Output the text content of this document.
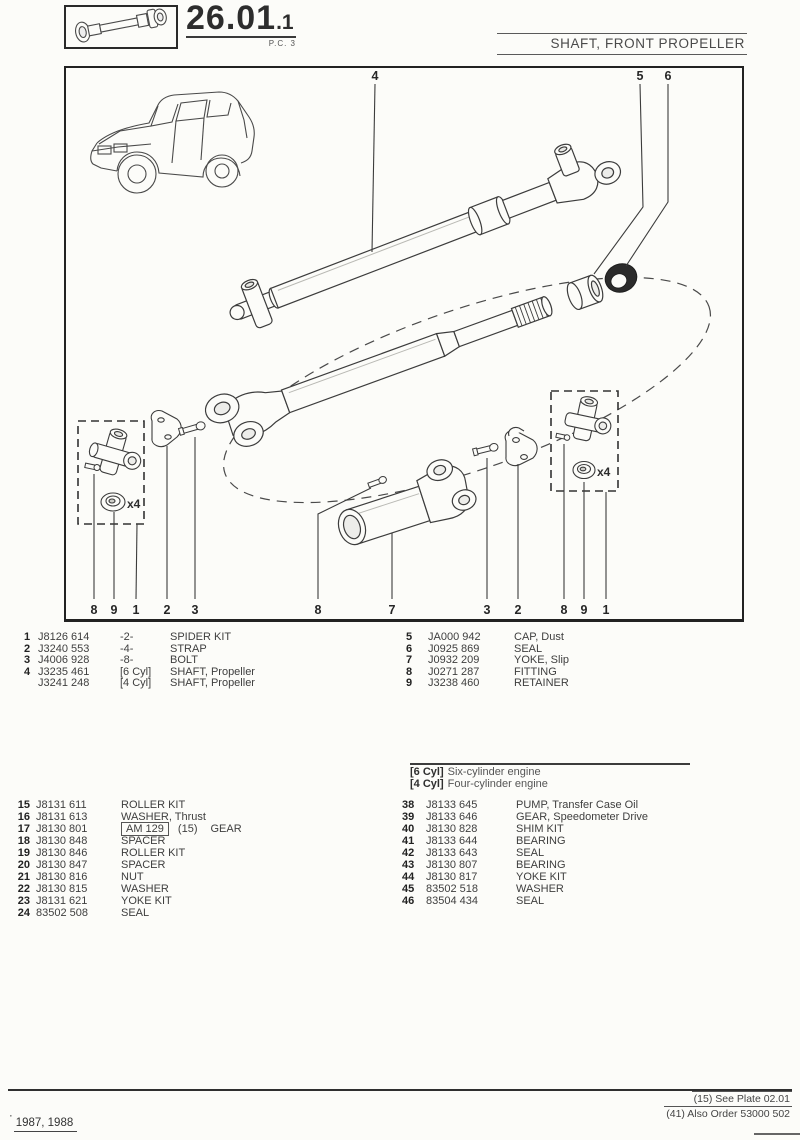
26.01.1
P.C. 3	SHAFT, FRONT PROPELLER
x4
x4
4	5 6
8 9 1 2 3	8	7	3 2	8 9 1
1 J8126 614	-2-	SPIDER KIT
2 J3240 553	-4-	STRAP
3 J4006 928	-8-	BOLT
4 J3235 461	[6 Cyl]	SHAFT, Propeller
J3241 248	[4 Cyl]	SHAFT, Propeller
5	JA000 942	CAP, Dust
6	J0925 869	SEAL
7	J0932 209	YOKE, Slip
8	J0271 287	FITTING
9	J3238 460	RETAINER
[6 Cyl] Six-cylinder engine
[4 Cyl] Four-cylinder engine
15 J8131 611	ROLLER KIT
16 J8131 613	WASHER, Thrust
17 J8130 801	AM 129 (15) GEAR
18 J8130 848	SPACER
19 J8130 846	ROLLER KIT
20 J8130 847	SPACER
21 J8130 816	NUT
22 J8130 815	WASHER
23 J8131 621	YOKE KIT
24 83502 508	SEAL
38	J8133 645	PUMP, Transfer Case Oil
39	J8133 646	GEAR, Speedometer Drive
40	J8130 828	SHIM KIT
41	J8133 644	BEARING
42	J8133 643	SEAL
43	J8130 807	BEARING
44	J8130 817	YOKE KIT
45	83502 518	WASHER
46	83504 434	SEAL
(15) See Plate 02.01
(41) Also Order 53000 502
'' 1987, 1988
